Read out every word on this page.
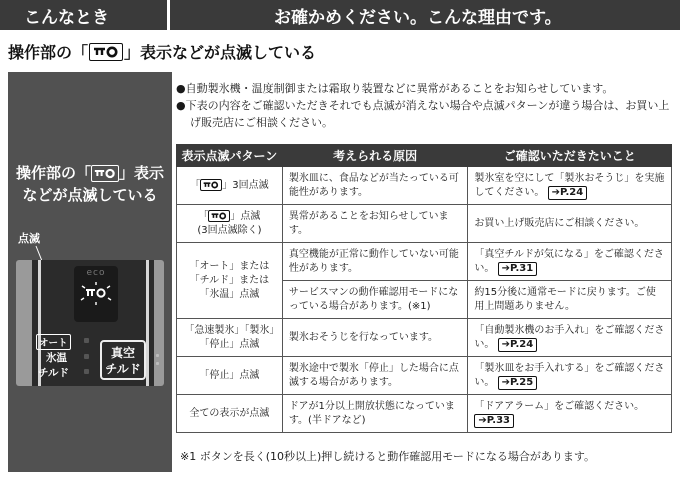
こんなとき	お確かめください。こんな理由です。
操作部の「 」表示などが点滅している
操作部の「 」表示
などが点滅している
点滅
eco
オート
氷温
チルド
真空
チルド

●自動製氷機・温度制御または霜取り装置などに異常があることをお知らせしています。

●下表の内容をご確認いただきそれでも点滅が消えない場合や点滅パターンが違う場合は、お買い上げ販売店にご相談ください。

表示点滅パターン	考えられる原因	ご確認いただきたいこと
「 」3回点滅	製氷皿に、食品などが当たっている可能性があります。	製氷室を空にして「製氷おそうじ」を実施してください。 ➔P.24

「 」点滅
(3回点滅除く)	異常があることをお知らせしています。	お買い上げ販売店にご相談ください。
「オート」または「チルド」または「氷温」点滅	真空機能が正常に動作していない可能性があります。	「真空チルドが気になる」をご確認ください。 ➔P.31
	サービスマンの動作確認用モードになっている場合があります。(※1)	約15分後に通常モードに戻ります。ご使用上問題ありません。
「急速製氷」「製氷」「停止」点滅	製氷おそうじを行なっています。	「自動製氷機のお手入れ」をご確認ください。 ➔P.24
「停止」点滅	製氷途中で製氷「停止」した場合に点滅する場合があります。	「製氷皿をお手入れする」をご確認ください。 ➔P.25
全ての表示が点滅	ドアが1分以上開放状態になっています。(半ドアなど)	「ドアアラーム」をご確認ください。 ➔P.33
※1 ボタンを長く(10秒以上)押し続けると動作確認用モードになる場合があります。
